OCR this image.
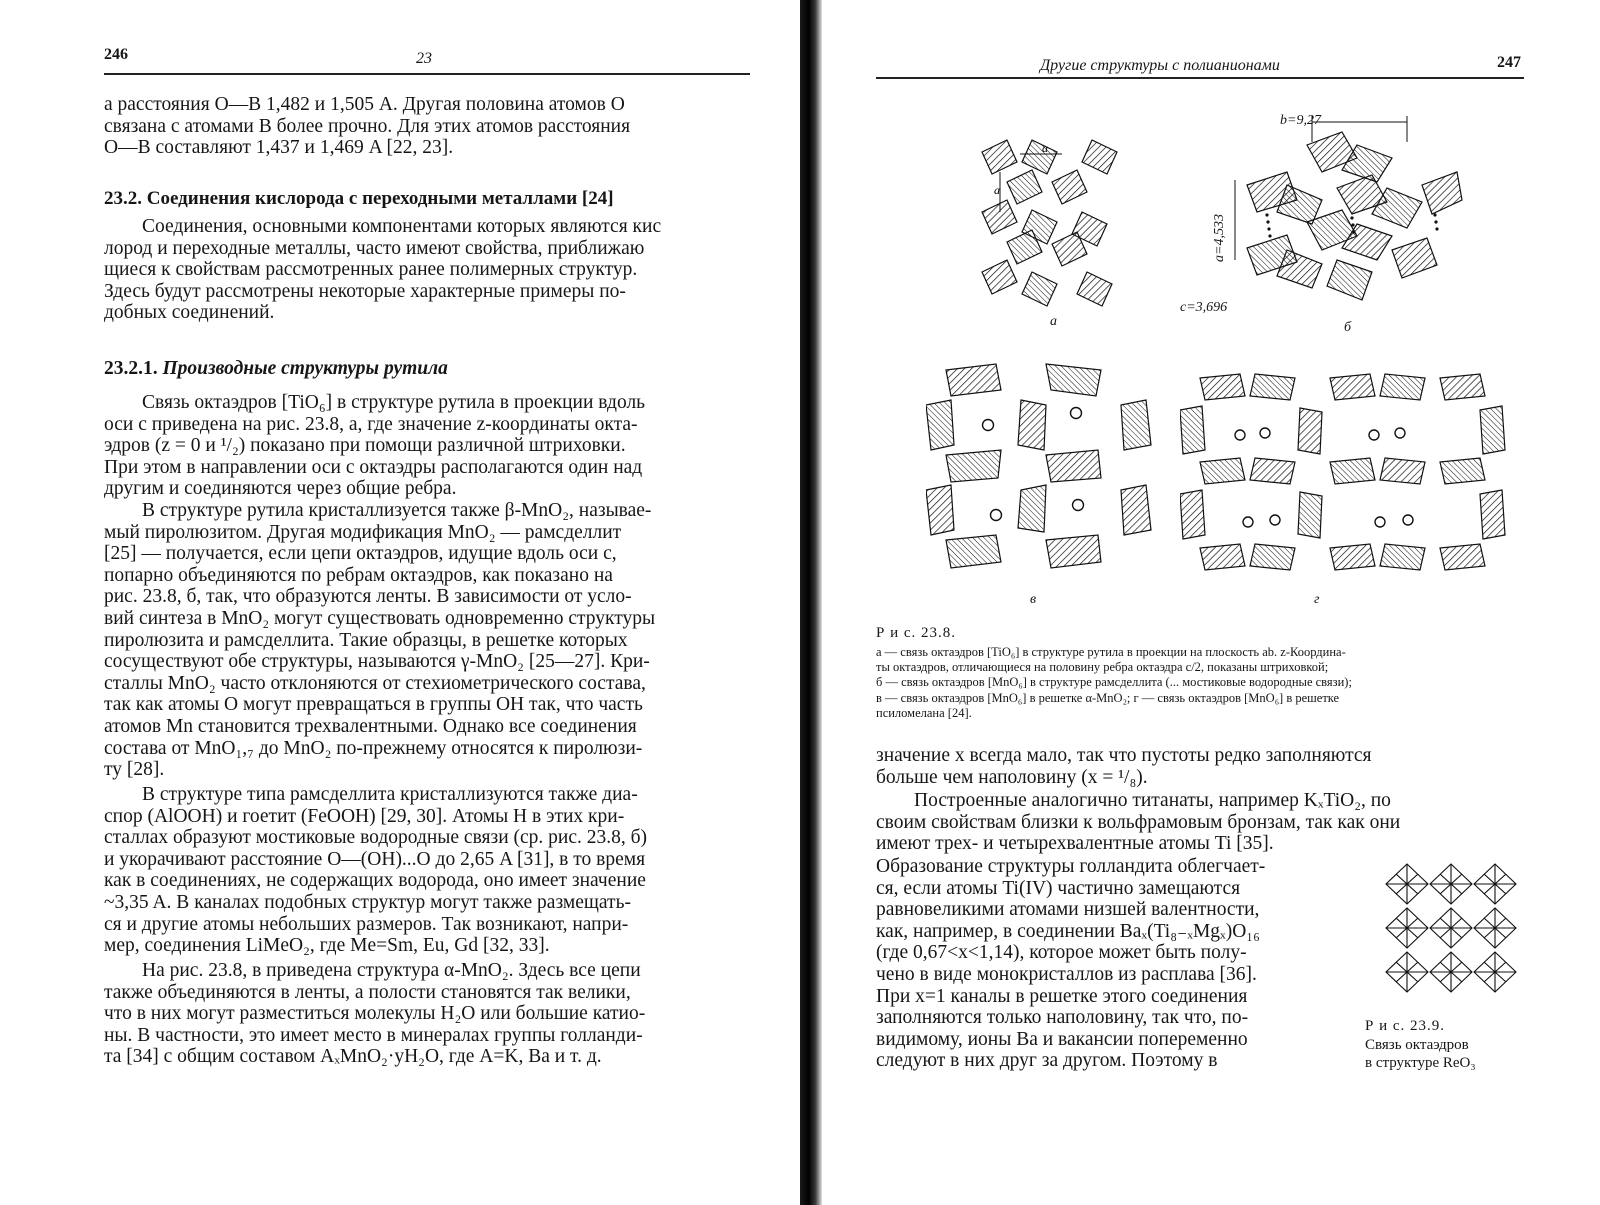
246	23

а расстояния O—B 1,482 и 1,505 A. Другая половина атомов O
связана с атомами B более прочно. Для этих атомов расстояния
O—B составляют 1,437 и 1,469 A [22, 23].

23.2. Соединения кислорода с переходными металлами [24]

Соединения, основными компонентами которых являются кис
лород и переходные металлы, часто имеют свойства, приближаю
щиеся к свойствам рассмотренных ранее полимерных структур.
Здесь будут рассмотрены некоторые характерные примеры по-
добных соединений.

23.2.1. Производные структуры рутила

Связь октаэдров [TiO₆] в структуре рутила в проекции вдоль
оси c приведена на рис. 23.8, a, где значение z-координаты окта-
эдров (z = 0 и ¹/₂) показано при помощи различной штриховки.
При этом в направлении оси c октаэдры располагаются один над
другим и соединяются через общие ребра.

В структуре рутила кристаллизуется также β-MnO₂, называе-
мый пиролюзитом. Другая модификация MnO₂ — рамсделлит
[25] — получается, если цепи октаэдров, идущие вдоль оси c,
попарно объединяются по ребрам октаэдров, как показано на
рис. 23.8, б, так, что образуются ленты. В зависимости от усло-
вий синтеза в MnO₂ могут существовать одновременно структуры
пиролюзита и рамсделлита. Такие образцы, в решетке которых
сосуществуют обе структуры, называются γ-MnO₂ [25—27]. Кри-
сталлы MnO₂ часто отклоняются от стехиометрического состава,
так как атомы O могут превращаться в группы OH так, что часть
атомов Mn становится трехвалентными. Однако все соединения
состава от MnO₁,₇ до MnO₂ по-прежнему относятся к пиролюзи-
ту [28].

В структуре типа рамсделлита кристаллизуются также диа-
спор (AlOOH) и гоетит (FeOOH) [29, 30]. Атомы H в этих кри-
сталлах образуют мостиковые водородные связи (ср. рис. 23.8, б)
и укорачивают расстояние O—(OH)...O до 2,65 A [31], в то время
как в соединениях, не содержащих водорода, оно имеет значение
~3,35 A. В каналах подобных структур могут также размещать-
ся и другие атомы небольших размеров. Так возникают, напри-
мер, соединения LiMeO₂, где Me=Sm, Eu, Gd [32, 33].

На рис. 23.8, в приведена структура α-MnO₂. Здесь все цепи
также объединяются в ленты, а полости становятся так велики,
что в них могут разместиться молекулы H₂O или большие катио-
ны. В частности, это имеет место в минералах группы голланди-
та [34] с общим составом AₓMnO₂·yH₂O, где A=K, Ba и т. д.

Другие структуры с полианионами	247
a
a
a
b=9,27
a=4,533
c=3,696
б
в	г
Р и с. 23.8.

a — связь октаэдров [TiO₆] в структуре рутила в проекции на плоскость ab. z-Координа-
ты октаэдров, отличающиеся на половину ребра октаэдра c/2, показаны штриховкой;
б — связь октаэдров [MnO₆] в структуре рамсделлита (... мостиковые водородные связи);
в — связь октаэдров [MnO₆] в решетке α-MnO₂; г — связь октаэдров [MnO₆] в решетке
псиломелана [24].

значение x всегда мало, так что пустоты редко заполняются
больше чем наполовину (x = ¹/₈).

Построенные аналогично титанаты, например KₓTiO₂, по
своим свойствам близки к вольфрамовым бронзам, так как они
имеют трех- и четырехвалентные атомы Ti [35].

Образование структуры голландита облегчает-
ся, если атомы Ti(IV) частично замещаются
равновеликими атомами низшей валентности,
как, например, в соединении Baₓ(Ti₈₋ₓMgₓ)O₁₆
(где 0,67<x<1,14), которое может быть полу-
чено в виде монокристаллов из расплава [36].
При x=1 каналы в решетке этого соединения
заполняются только наполовину, так что, по-
видимому, ионы Ba и вакансии попеременно
следуют в них друг за другом. Поэтому в

Р и с. 23.9.

Связь октаэдров
в структуре ReO₃
